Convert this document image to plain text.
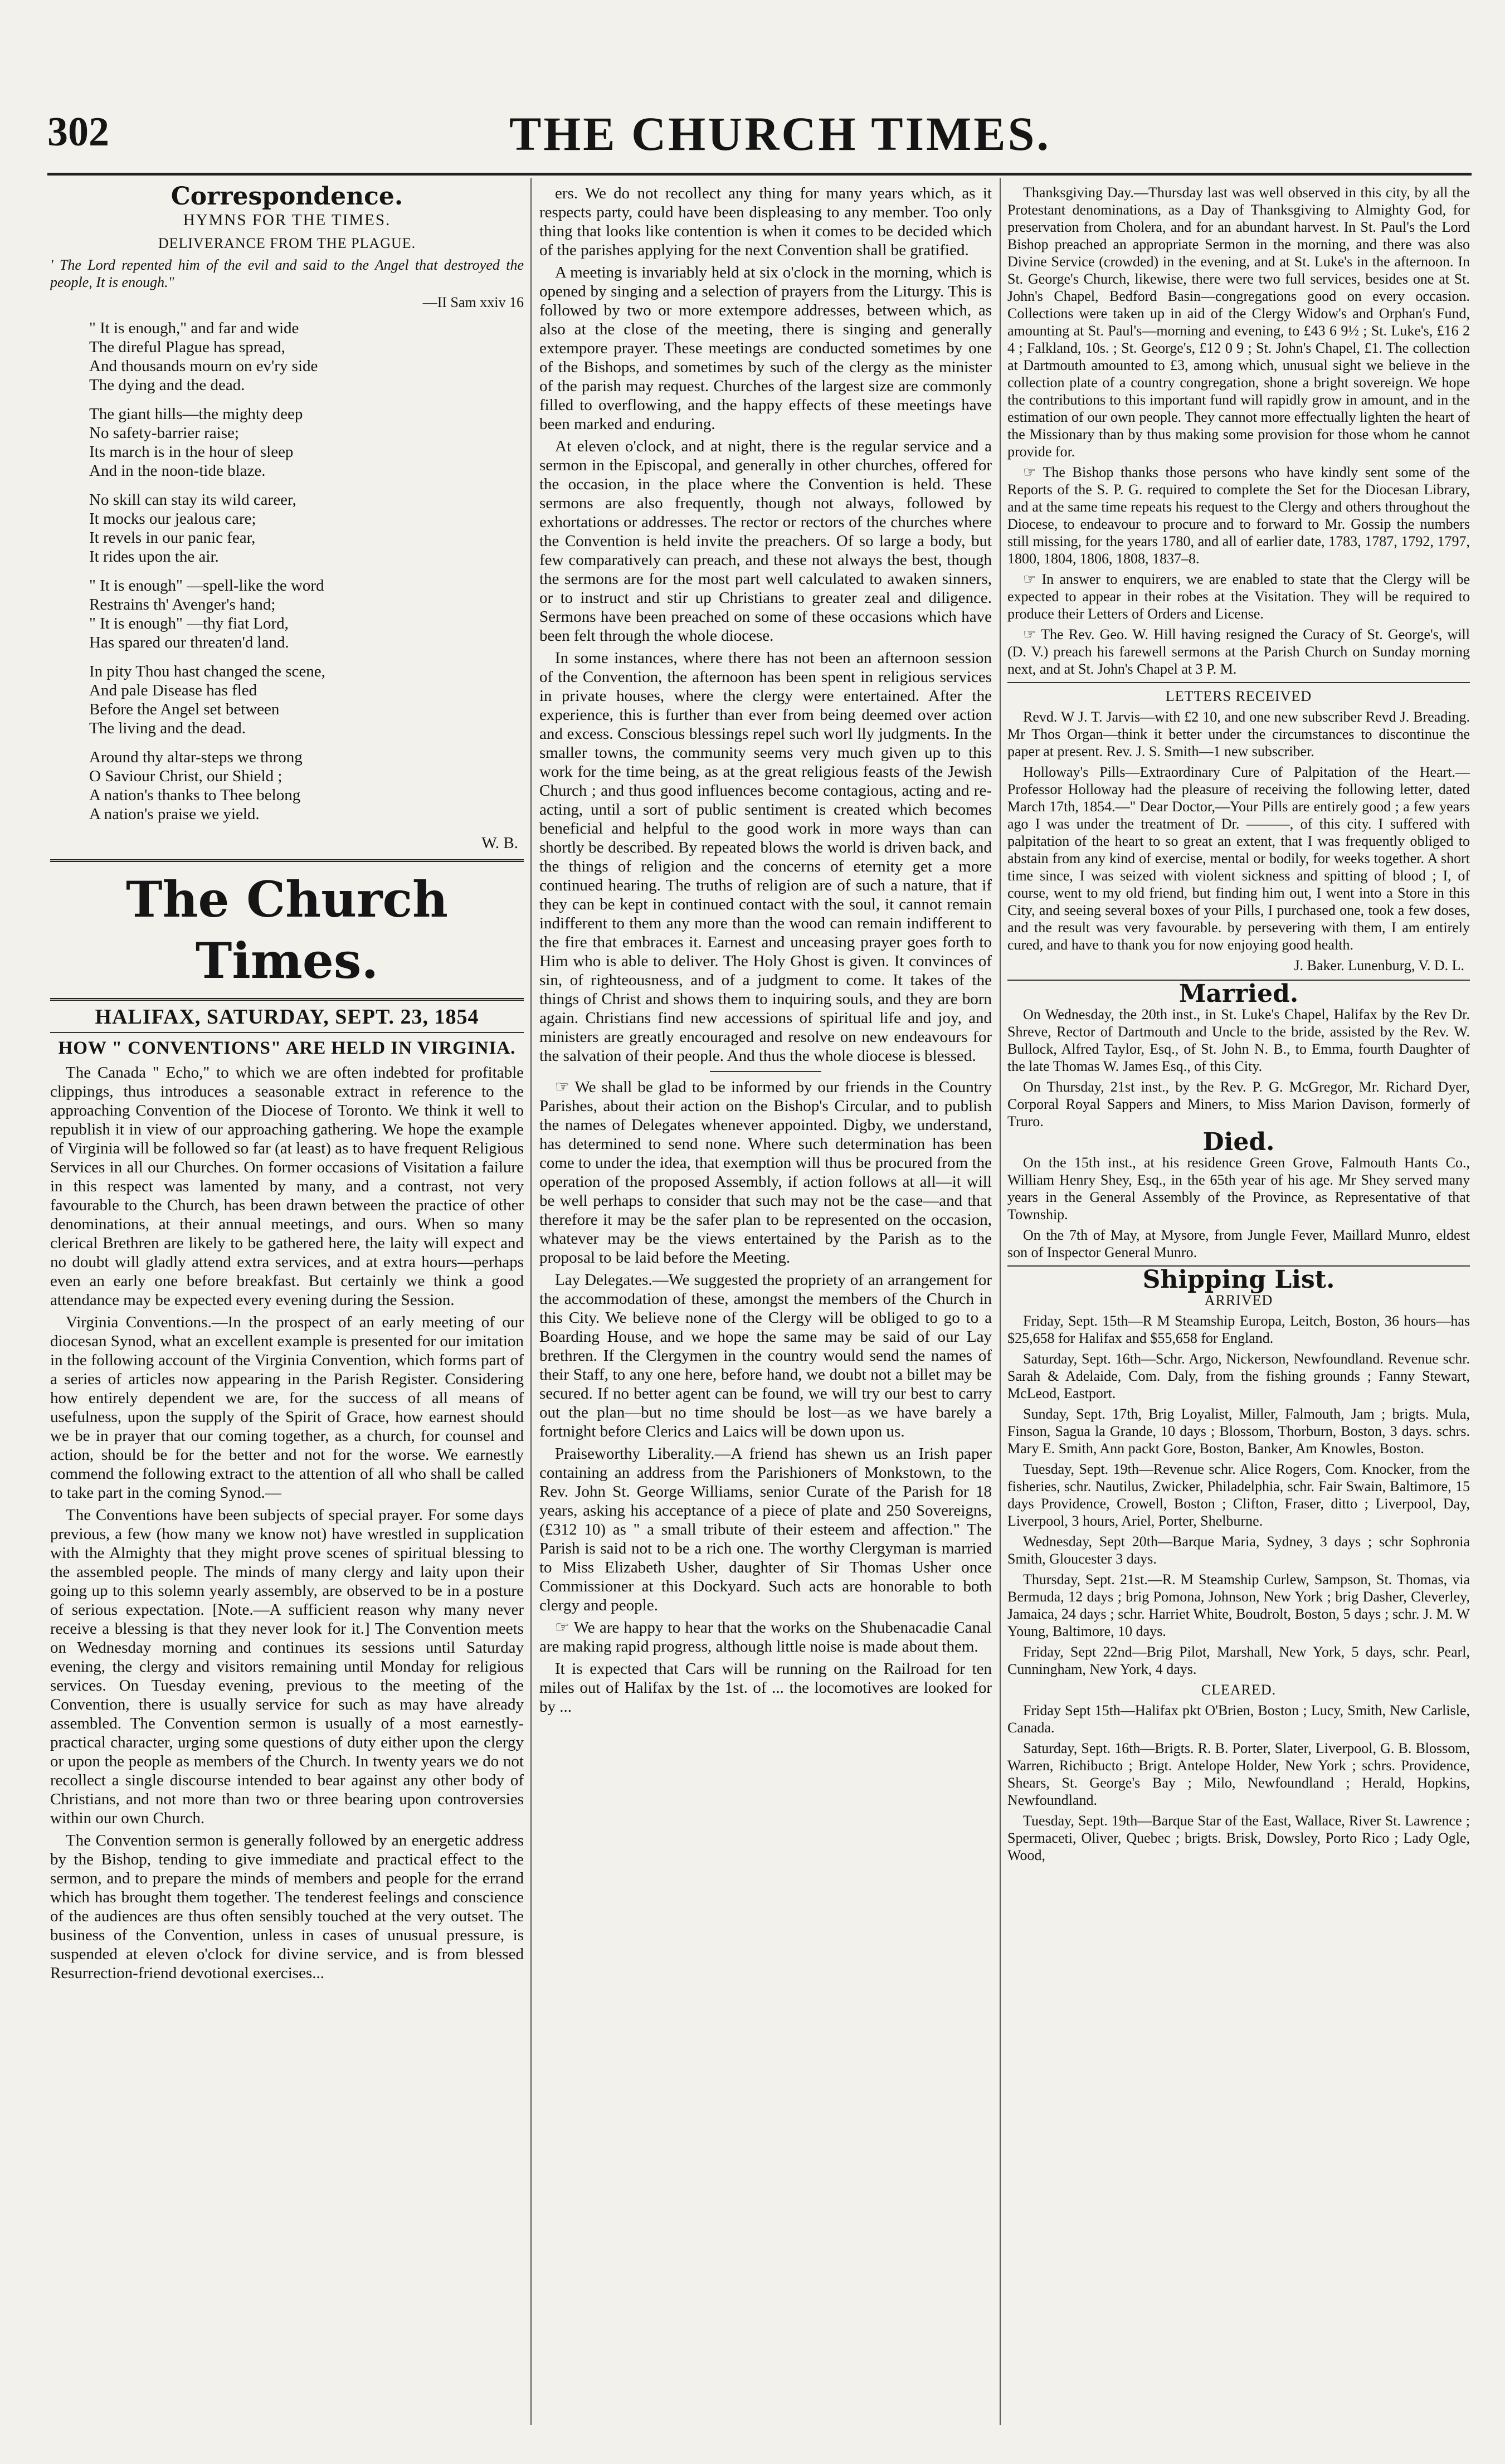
302	THE CHURCH TIMES.
Correspondence.
HYMNS FOR THE TIMES.
DELIVERANCE FROM THE PLAGUE.

' The Lord repented him of the evil and said to the Angel that destroyed the people, It is enough."

—II Sam xxiv 16
" It is enough," and far and wide
The direful Plague has spread,
And thousands mourn on ev'ry side
The dying and the dead.
The giant hills—the mighty deep
No safety-barrier raise;
Its march is in the hour of sleep
And in the noon-tide blaze.
No skill can stay its wild career,
It mocks our jealous care;
It revels in our panic fear,
It rides upon the air.
" It is enough" —spell-like the word
Restrains th' Avenger's hand;
" It is enough" —thy fiat Lord,
Has spared our threaten'd land.
In pity Thou hast changed the scene,
And pale Disease has fled
Before the Angel set between
The living and the dead.
Around thy altar-steps we throng
O Saviour Christ, our Shield ;
A nation's thanks to Thee belong
A nation's praise we yield.
W. B.
The Church Times.
HALIFAX, SATURDAY, SEPT. 23, 1854
HOW " CONVENTIONS" ARE HELD IN VIRGINIA.

The Canada " Echo," to which we are often indebted for profitable clippings, thus introduces a seasonable extract in reference to the approaching Convention of the Diocese of Toronto. We think it well to republish it in view of our approaching gathering. We hope the example of Virginia will be followed so far (at least) as to have frequent Religious Services in all our Churches. On former occasions of Visitation a failure in this respect was lamented by many, and a contrast, not very favourable to the Church, has been drawn between the practice of other denominations, at their annual meetings, and ours. When so many clerical Brethren are likely to be gathered here, the laity will expect and no doubt will gladly attend extra services, and at extra hours—perhaps even an early one before breakfast. But certainly we think a good attendance may be expected every evening during the Session.

Virginia Conventions.—In the prospect of an early meeting of our diocesan Synod, what an excellent example is presented for our imitation in the following account of the Virginia Convention, which forms part of a series of articles now appearing in the Parish Register. Considering how entirely dependent we are, for the success of all means of usefulness, upon the supply of the Spirit of Grace, how earnest should we be in prayer that our coming together, as a church, for counsel and action, should be for the better and not for the worse. We earnestly commend the following extract to the attention of all who shall be called to take part in the coming Synod.—

The Conventions have been subjects of special prayer. For some days previous, a few (how many we know not) have wrestled in supplication with the Almighty that they might prove scenes of spiritual blessing to the assembled people. The minds of many clergy and laity upon their going up to this solemn yearly assembly, are observed to be in a posture of serious expectation. [Note.—A sufficient reason why many never receive a blessing is that they never look for it.] The Convention meets on Wednesday morning and continues its sessions until Saturday evening, the clergy and visitors remaining until Monday for religious services. On Tuesday evening, previous to the meeting of the Convention, there is usually service for such as may have already assembled. The Convention sermon is usually of a most earnestly-practical character, urging some questions of duty either upon the clergy or upon the people as members of the Church. In twenty years we do not recollect a single discourse intended to bear against any other body of Christians, and not more than two or three bearing upon controversies within our own Church.

The Convention sermon is generally followed by an energetic address by the Bishop, tending to give immediate and practical effect to the sermon, and to prepare the minds of members and people for the errand which has brought them together. The tenderest feelings and conscience of the audiences are thus often sensibly touched at the very outset. The business of the Convention, unless in cases of unusual pressure, is suspended at eleven o'clock for divine service, and is from blessed Resurrection-friend devotional exercises...

ers. We do not recollect any thing for many years which, as it respects party, could have been displeasing to any member. Too only thing that looks like contention is when it comes to be decided which of the parishes applying for the next Convention shall be gratified.

A meeting is invariably held at six o'clock in the morning, which is opened by singing and a selection of prayers from the Liturgy. This is followed by two or more extempore addresses, between which, as also at the close of the meeting, there is singing and generally extempore prayer. These meetings are conducted sometimes by one of the Bishops, and sometimes by such of the clergy as the minister of the parish may request. Churches of the largest size are commonly filled to overflowing, and the happy effects of these meetings have been marked and enduring.

At eleven o'clock, and at night, there is the regular service and a sermon in the Episcopal, and generally in other churches, offered for the occasion, in the place where the Convention is held. These sermons are also frequently, though not always, followed by exhortations or addresses. The rector or rectors of the churches where the Convention is held invite the preachers. Of so large a body, but few comparatively can preach, and these not always the best, though the sermons are for the most part well calculated to awaken sinners, or to instruct and stir up Christians to greater zeal and diligence. Sermons have been preached on some of these occasions which have been felt through the whole diocese.

In some instances, where there has not been an afternoon session of the Convention, the afternoon has been spent in religious services in private houses, where the clergy were entertained. After the experience, this is further than ever from being deemed over action and excess. Conscious blessings repel such worl lly judgments. In the smaller towns, the community seems very much given up to this work for the time being, as at the great religious feasts of the Jewish Church ; and thus good influences become contagious, acting and re-acting, until a sort of public sentiment is created which becomes beneficial and helpful to the good work in more ways than can shortly be described. By repeated blows the world is driven back, and the things of religion and the concerns of eternity get a more continued hearing. The truths of religion are of such a nature, that if they can be kept in continued contact with the soul, it cannot remain indifferent to them any more than the wood can remain indifferent to the fire that embraces it. Earnest and unceasing prayer goes forth to Him who is able to deliver. The Holy Ghost is given. It convinces of sin, of righteousness, and of a judgment to come. It takes of the things of Christ and shows them to inquiring souls, and they are born again. Christians find new accessions of spiritual life and joy, and ministers are greatly encouraged and resolve on new endeavours for the salvation of their people. And thus the whole diocese is blessed.

☞ We shall be glad to be informed by our friends in the Country Parishes, about their action on the Bishop's Circular, and to publish the names of Delegates whenever appointed. Digby, we understand, has determined to send none. Where such determination has been come to under the idea, that exemption will thus be procured from the operation of the proposed Assembly, if action follows at all—it will be well perhaps to consider that such may not be the case—and that therefore it may be the safer plan to be represented on the occasion, whatever may be the views entertained by the Parish as to the proposal to be laid before the Meeting.

Lay Delegates.—We suggested the propriety of an arrangement for the accommodation of these, amongst the members of the Church in this City. We believe none of the Clergy will be obliged to go to a Boarding House, and we hope the same may be said of our Lay brethren. If the Clergymen in the country would send the names of their Staff, to any one here, before hand, we doubt not a billet may be secured. If no better agent can be found, we will try our best to carry out the plan—but no time should be lost—as we have barely a fortnight before Clerics and Laics will be down upon us.

Praiseworthy Liberality.—A friend has shewn us an Irish paper containing an address from the Parishioners of Monkstown, to the Rev. John St. George Williams, senior Curate of the Parish for 18 years, asking his acceptance of a piece of plate and 250 Sovereigns, (£312 10) as " a small tribute of their esteem and affection." The Parish is said not to be a rich one. The worthy Clergyman is married to Miss Elizabeth Usher, daughter of Sir Thomas Usher once Commissioner at this Dockyard. Such acts are honorable to both clergy and people.

☞ We are happy to hear that the works on the Shubenacadie Canal are making rapid progress, although little noise is made about them.

It is expected that Cars will be running on the Railroad for ten miles out of Halifax by the 1st. of ... the locomotives are looked for by ...

Thanksgiving Day.—Thursday last was well observed in this city, by all the Protestant denominations, as a Day of Thanksgiving to Almighty God, for preservation from Cholera, and for an abundant harvest. In St. Paul's the Lord Bishop preached an appropriate Sermon in the morning, and there was also Divine Service (crowded) in the evening, and at St. Luke's in the afternoon. In St. George's Church, likewise, there were two full services, besides one at St. John's Chapel, Bedford Basin—congregations good on every occasion. Collections were taken up in aid of the Clergy Widow's and Orphan's Fund, amounting at St. Paul's—morning and evening, to £43 6 9½ ; St. Luke's, £16 2 4 ; Falkland, 10s. ; St. George's, £12 0 9 ; St. John's Chapel, £1. The collection at Dartmouth amounted to £3, among which, unusual sight we believe in the collection plate of a country congregation, shone a bright sovereign. We hope the contributions to this important fund will rapidly grow in amount, and in the estimation of our own people. They cannot more effectually lighten the heart of the Missionary than by thus making some provision for those whom he cannot provide for.

☞ The Bishop thanks those persons who have kindly sent some of the Reports of the S. P. G. required to complete the Set for the Diocesan Library, and at the same time repeats his request to the Clergy and others throughout the Diocese, to endeavour to procure and to forward to Mr. Gossip the numbers still missing, for the years 1780, and all of earlier date, 1783, 1787, 1792, 1797, 1800, 1804, 1806, 1808, 1837–8.

☞ In answer to enquirers, we are enabled to state that the Clergy will be expected to appear in their robes at the Visitation. They will be required to produce their Letters of Orders and License.

☞ The Rev. Geo. W. Hill having resigned the Curacy of St. George's, will (D. V.) preach his farewell sermons at the Parish Church on Sunday morning next, and at St. John's Chapel at 3 P. M.

LETTERS RECEIVED

Revd. W J. T. Jarvis—with £2 10, and one new subscriber Revd J. Breading. Mr Thos Organ—think it better under the circumstances to discontinue the paper at present. Rev. J. S. Smith—1 new subscriber.

Holloway's Pills—Extraordinary Cure of Palpitation of the Heart.—Professor Holloway had the pleasure of receiving the following letter, dated March 17th, 1854.—" Dear Doctor,—Your Pills are entirely good ; a few years ago I was under the treatment of Dr. ———, of this city. I suffered with palpitation of the heart to so great an extent, that I was frequently obliged to abstain from any kind of exercise, mental or bodily, for weeks together. A short time since, I was seized with violent sickness and spitting of blood ; I, of course, went to my old friend, but finding him out, I went into a Store in this City, and seeing several boxes of your Pills, I purchased one, took a few doses, and the result was very favourable. by persevering with them, I am entirely cured, and have to thank you for now enjoying good health.

J. Baker. Lunenburg, V. D. L.
Married.

On Wednesday, the 20th inst., in St. Luke's Chapel, Halifax by the Rev Dr. Shreve, Rector of Dartmouth and Uncle to the bride, assisted by the Rev. W. Bullock, Alfred Taylor, Esq., of St. John N. B., to Emma, fourth Daughter of the late Thomas W. James Esq., of this City.

On Thursday, 21st inst., by the Rev. P. G. McGregor, Mr. Richard Dyer, Corporal Royal Sappers and Miners, to Miss Marion Davison, formerly of Truro.

Died.

On the 15th inst., at his residence Green Grove, Falmouth Hants Co., William Henry Shey, Esq., in the 65th year of his age. Mr Shey served many years in the General Assembly of the Province, as Representative of that Township.

On the 7th of May, at Mysore, from Jungle Fever, Maillard Munro, eldest son of Inspector General Munro.

Shipping List.
ARRIVED

Friday, Sept. 15th—R M Steamship Europa, Leitch, Boston, 36 hours—has $25,658 for Halifax and $55,658 for England.

Saturday, Sept. 16th—Schr. Argo, Nickerson, Newfoundland. Revenue schr. Sarah & Adelaide, Com. Daly, from the fishing grounds ; Fanny Stewart, McLeod, Eastport.

Sunday, Sept. 17th, Brig Loyalist, Miller, Falmouth, Jam ; brigts. Mula, Finson, Sagua la Grande, 10 days ; Blossom, Thorburn, Boston, 3 days. schrs. Mary E. Smith, Ann packt Gore, Boston, Banker, Am Knowles, Boston.

Tuesday, Sept. 19th—Revenue schr. Alice Rogers, Com. Knocker, from the fisheries, schr. Nautilus, Zwicker, Philadelphia, schr. Fair Swain, Baltimore, 15 days Providence, Crowell, Boston ; Clifton, Fraser, ditto ; Liverpool, Day, Liverpool, 3 hours, Ariel, Porter, Shelburne.

Wednesday, Sept 20th—Barque Maria, Sydney, 3 days ; schr Sophronia Smith, Gloucester 3 days.

Thursday, Sept. 21st.—R. M Steamship Curlew, Sampson, St. Thomas, via Bermuda, 12 days ; brig Pomona, Johnson, New York ; brig Dasher, Cleverley, Jamaica, 24 days ; schr. Harriet White, Boudrolt, Boston, 5 days ; schr. J. M. W Young, Baltimore, 10 days.

Friday, Sept 22nd—Brig Pilot, Marshall, New York, 5 days, schr. Pearl, Cunningham, New York, 4 days.

CLEARED.

Friday Sept 15th—Halifax pkt O'Brien, Boston ; Lucy, Smith, New Carlisle, Canada.

Saturday, Sept. 16th—Brigts. R. B. Porter, Slater, Liverpool, G. B. Blossom, Warren, Richibucto ; Brigt. Antelope Holder, New York ; schrs. Providence, Shears, St. George's Bay ; Milo, Newfoundland ; Herald, Hopkins, Newfoundland.

Tuesday, Sept. 19th—Barque Star of the East, Wallace, River St. Lawrence ; Spermaceti, Oliver, Quebec ; brigts. Brisk, Dowsley, Porto Rico ; Lady Ogle, Wood,
